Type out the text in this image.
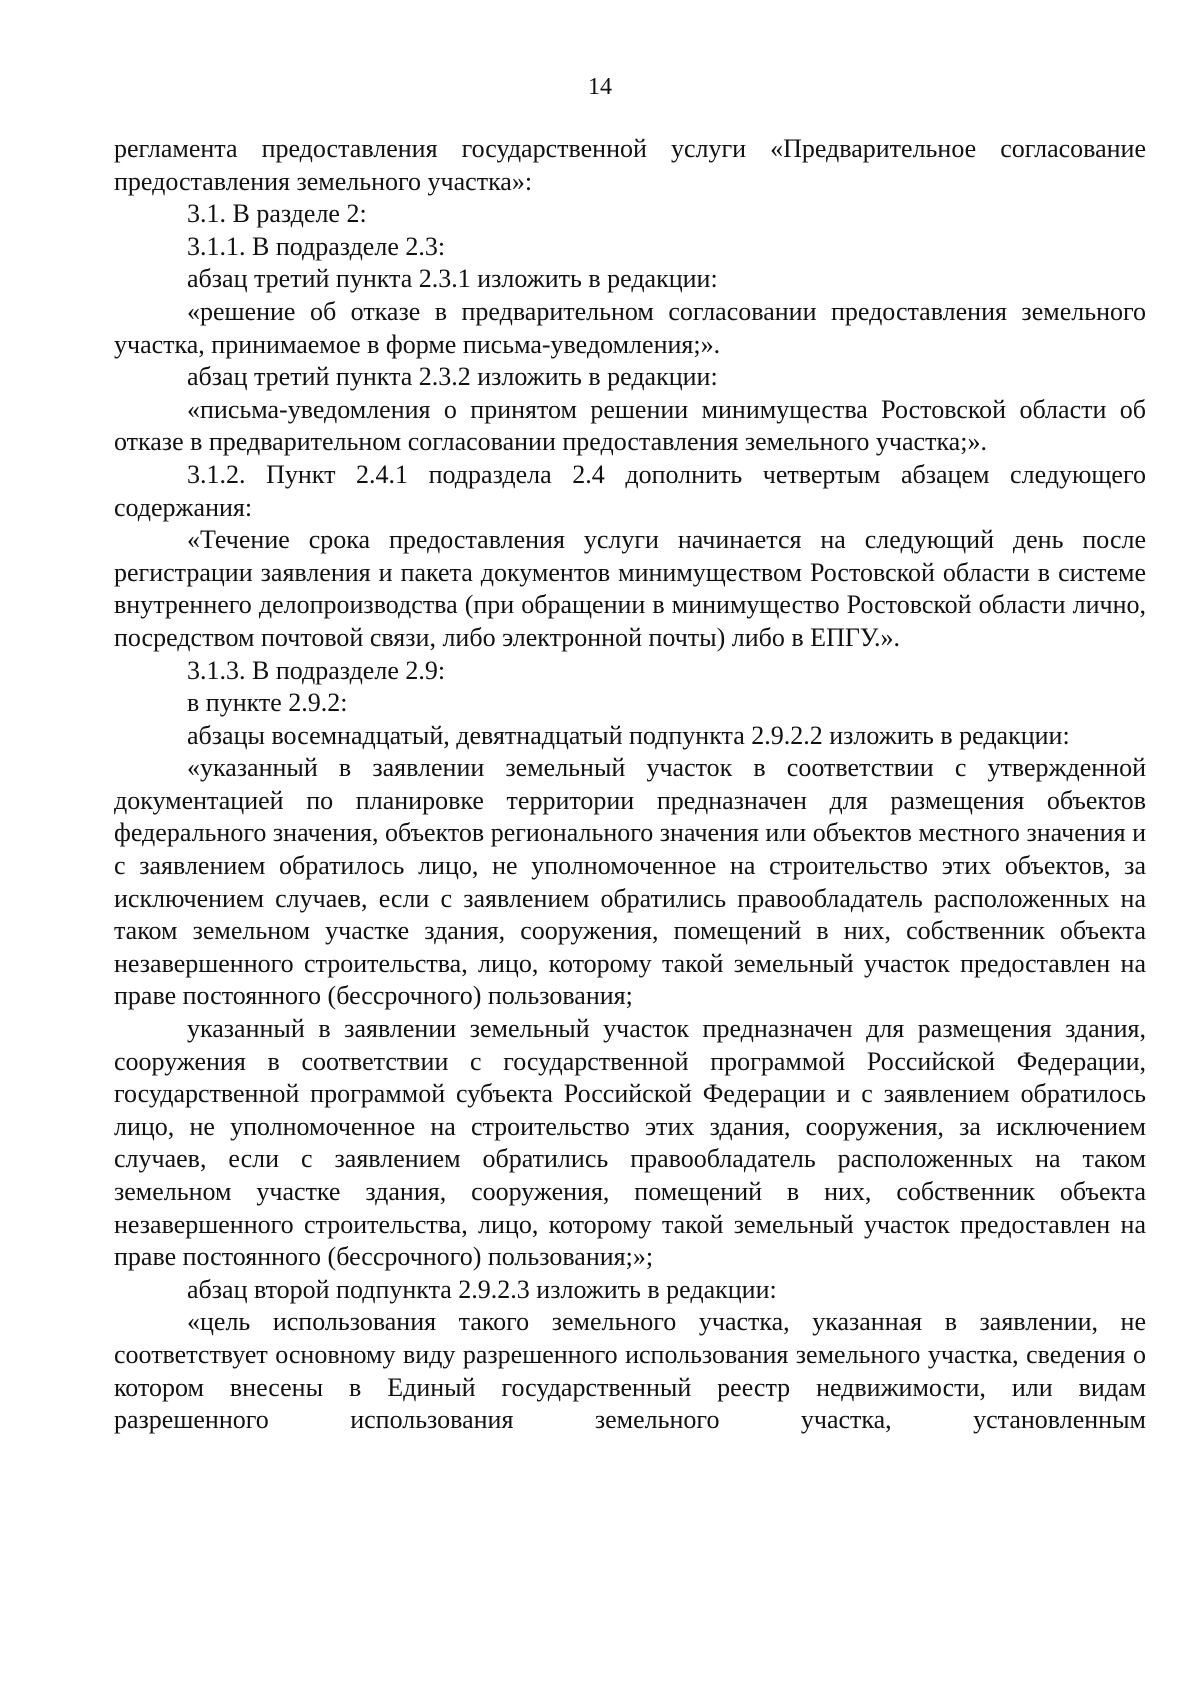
14

регламента предоставления государственной услуги «Предварительное согласование предоставления земельного участка»:

3.1. В разделе 2:

3.1.1. В подразделе 2.3:

абзац третий пункта 2.3.1 изложить в редакции:

«решение об отказе в предварительном согласовании предоставления земельного участка, принимаемое в форме письма-уведомления;».

абзац третий пункта 2.3.2 изложить в редакции:

«письма-уведомления о принятом решении минимущества Ростовской области об отказе в предварительном согласовании предоставления земельного участка;».

3.1.2. Пункт 2.4.1 подраздела 2.4 дополнить четвертым абзацем следующего содержания:

«Течение срока предоставления услуги начинается на следующий день после регистрации заявления и пакета документов минимуществом Ростовской области в системе внутреннего делопроизводства (при обращении в минимущество Ростовской области лично, посредством почтовой связи, либо электронной почты) либо в ЕПГУ.».

3.1.3. В подразделе 2.9:

в пункте 2.9.2:

абзацы восемнадцатый, девятнадцатый подпункта 2.9.2.2 изложить в редакции:

«указанный в заявлении земельный участок в соответствии с утвержденной документацией по планировке территории предназначен для размещения объектов федерального значения, объектов регионального значения или объектов местного значения и с заявлением обратилось лицо, не уполномоченное на строительство этих объектов, за исключением случаев, если с заявлением обратились правообладатель расположенных на таком земельном участке здания, сооружения, помещений в них, собственник объекта незавершенного строительства, лицо, которому такой земельный участок предоставлен на праве постоянного (бессрочного) пользования;

указанный в заявлении земельный участок предназначен для размещения здания, сооружения в соответствии с государственной программой Российской Федерации, государственной программой субъекта Российской Федерации и с заявлением обратилось лицо, не уполномоченное на строительство этих здания, сооружения, за исключением случаев, если с заявлением обратились правообладатель расположенных на таком земельном участке здания, сооружения, помещений в них, собственник объекта незавершенного строительства, лицо, которому такой земельный участок предоставлен на праве постоянного (бессрочного) пользования;»;

абзац второй подпункта 2.9.2.3 изложить в редакции:

«цель использования такого земельного участка, указанная в заявлении, не соответствует основному виду разрешенного использования земельного участка, сведения о котором внесены в Единый государственный реестр недвижимости, или видам разрешенного использования земельного участка, установленным
